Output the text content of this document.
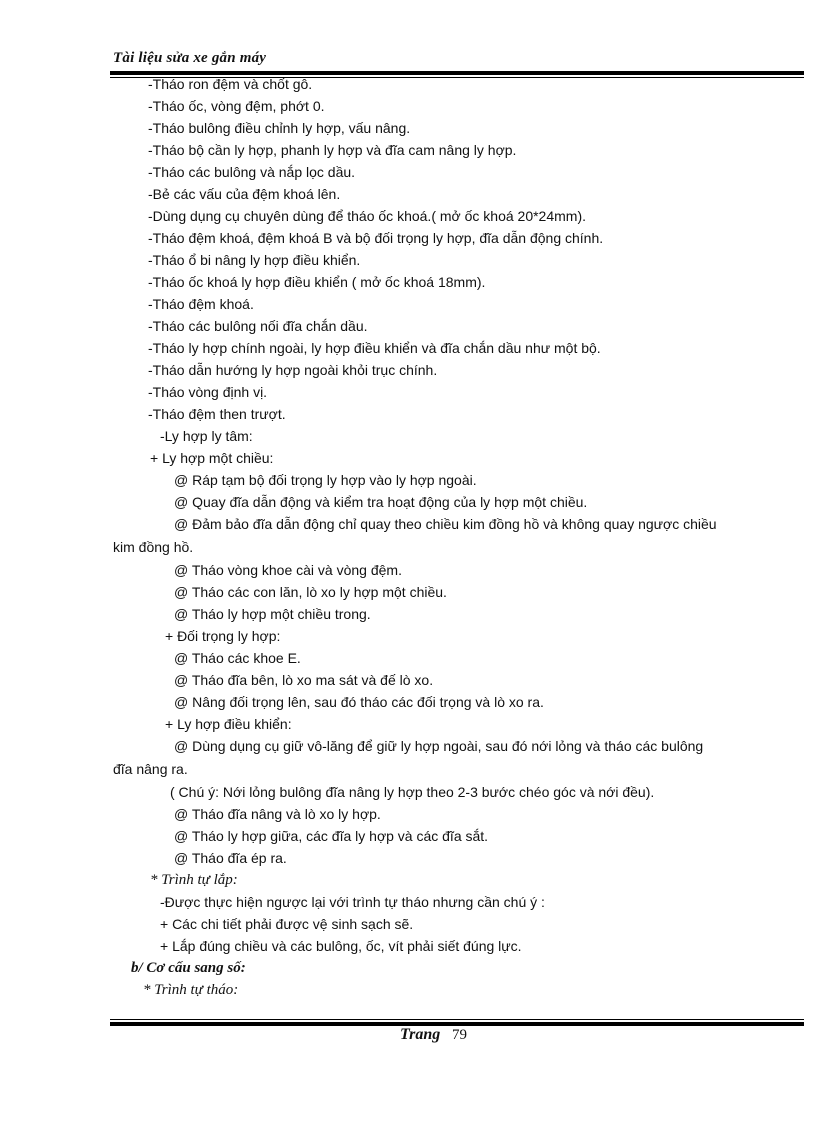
Tài liệu sửa xe gắn máy
-Tháo ron đệm và chốt gô.
-Tháo ốc, vòng đệm, phớt 0.
-Tháo bulông điều chỉnh ly hợp, vấu nâng.
-Tháo bộ cần ly hợp, phanh ly hợp và đĩa cam nâng ly hợp.
-Tháo các bulông và nắp lọc dầu.
-Bẻ các vấu của đệm khoá lên.
-Dùng dụng cụ chuyên dùng để tháo ốc khoá.( mở ốc khoá 20*24mm).
-Tháo đệm khoá, đệm khoá B và bộ đối trọng ly hợp, đĩa dẫn động chính.
-Tháo ổ bi nâng ly hợp điều khiển.
-Tháo ốc khoá ly hợp điều khiển ( mở ốc khoá 18mm).
-Tháo đệm khoá.
-Tháo các bulông nối đĩa chắn dầu.
-Tháo ly hợp chính ngoài, ly hợp điều khiển và đĩa chắn dầu như một bộ.
-Tháo dẫn hướng ly hợp ngoài khỏi trục chính.
-Tháo vòng định vị.
-Tháo đệm then trượt.
-Ly hợp ly tâm:
+ Ly hợp một chiều:
@ Ráp tạm bộ đối trọng ly hợp vào ly hợp ngoài.
@ Quay đĩa dẫn động và kiểm tra hoạt động của ly hợp một chiều.
@ Đảm bảo đĩa dẫn động chỉ quay theo chiều kim đồng hồ và không quay ngược chiều
kim đồng hồ.
@ Tháo vòng khoe cài và vòng đệm.
@ Tháo các con lăn, lò xo ly hợp một chiều.
@ Tháo ly hợp một chiều trong.
+ Đối trọng ly hợp:
@ Tháo các khoe E.
@ Tháo đĩa bên, lò xo ma sát và đế lò xo.
@ Nâng đối trọng lên, sau đó tháo các đối trọng và lò xo ra.
+ Ly hợp điều khiển:
@ Dùng dụng cụ giữ vô-lăng để giữ ly hợp ngoài, sau đó nới lỏng và tháo các bulông
đĩa nâng ra.
( Chú ý: Nới lỏng bulông đĩa nâng ly hợp theo 2-3 bước chéo góc và nới đều).
@ Tháo đĩa nâng và lò xo ly hợp.
@ Tháo ly hợp giữa, các đĩa ly hợp và các đĩa sắt.
@ Tháo đĩa ép ra.
* Trình tự lắp:
-Được thực hiện ngược lại với trình tự tháo nhưng cần chú ý :
+ Các chi tiết phải được vệ sinh sạch sẽ.
+ Lắp đúng chiều và các bulông, ốc, vít phải siết đúng lực.
b/ Cơ cấu sang số:
* Trình tự tháo:
Trang 79
